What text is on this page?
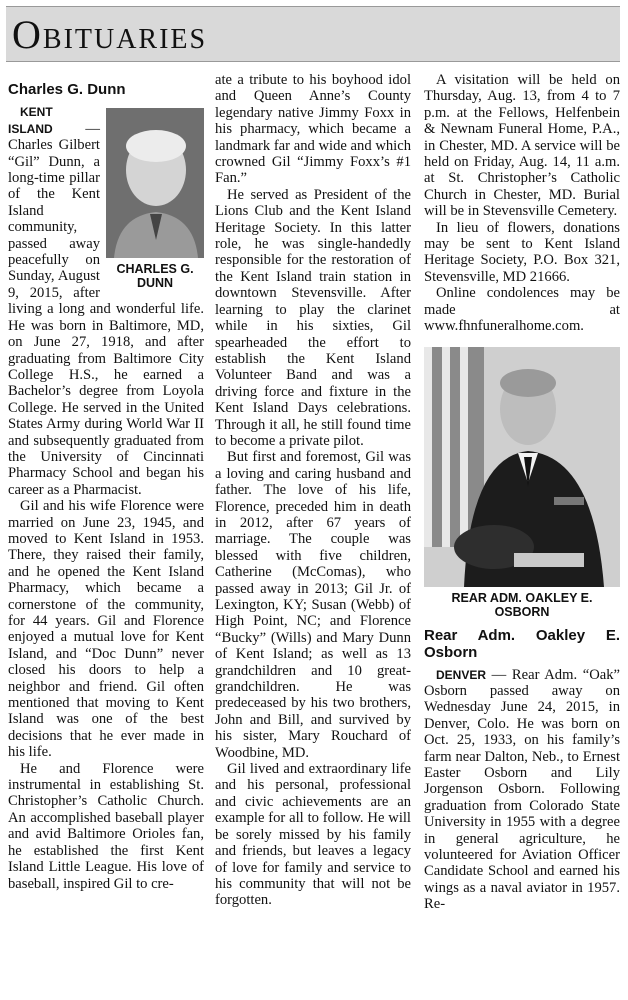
Obituaries
Charles G. Dunn
CHARLES G. DUNN

KENT ISLAND — Charles Gilbert “Gil” Dunn, a long-time pillar of the Kent Island community, passed away peacefully on Sunday, August 9, 2015, after living a long and wonderful life. He was born in Baltimore, MD, on June 27, 1918, and after graduating from Baltimore City College H.S., he earned a Bachelor’s degree from Loyola College. He served in the United States Army during World War II and subsequently graduated from the University of Cincinnati Pharmacy School and began his career as a Pharmacist.

Gil and his wife Florence were married on June 23, 1945, and moved to Kent Island in 1953. There, they raised their family, and he opened the Kent Island Pharmacy, which became a cornerstone of the community, for 44 years. Gil and Florence enjoyed a mutual love for Kent Island, and “Doc Dunn” never closed his doors to help a neighbor and friend. Gil often mentioned that moving to Kent Island was one of the best decisions that he ever made in his life.

He and Florence were instrumental in establishing St. Christopher’s Catholic Church. An accomplished baseball player and avid Baltimore Orioles fan, he established the first Kent Island Little League. His love of baseball, inspired Gil to cre-

ate a tribute to his boyhood idol and Queen Anne’s County legendary native Jimmy Foxx in his pharmacy, which became a landmark far and wide and which crowned Gil “Jimmy Foxx’s #1 Fan.”

He served as President of the Lions Club and the Kent Island Heritage Society. In this latter role, he was single-handedly responsible for the restoration of the Kent Island train station in downtown Stevensville. After learning to play the clarinet while in his sixties, Gil spearheaded the effort to establish the Kent Island Volunteer Band and was a driving force and fixture in the Kent Island Days celebrations. Through it all, he still found time to become a private pilot.

But first and foremost, Gil was a loving and caring husband and father. The love of his life, Florence, preceded him in death in 2012, after 67 years of marriage. The couple was blessed with five children, Catherine (McComas), who passed away in 2013; Gil Jr. of Lexington, KY; Susan (Webb) of High Point, NC; and Florence “Bucky” (Wills) and Mary Dunn of Kent Island; as well as 13 grandchildren and 10 great-grandchildren. He was predeceased by his two brothers, John and Bill, and survived by his sister, Mary Rouchard of Woodbine, MD.

Gil lived and extraordinary life and his personal, professional and civic achievements are an example for all to follow. He will be sorely missed by his family and friends, but leaves a legacy of love for family and service to his community that will not be forgotten.

A visitation will be held on Thursday, Aug. 13, from 4 to 7 p.m. at the Fellows, Helfenbein & Newnam Funeral Home, P.A., in Chester, MD. A service will be held on Friday, Aug. 14, 11 a.m. at St. Christopher’s Catholic Church in Chester, MD. Burial will be in Stevensville Cemetery.

In lieu of flowers, donations may be sent to Kent Island Heritage Society, P.O. Box 321, Stevensville, MD 21666.

Online condolences may be made at www.fhnfuneralhome.com.

REAR ADM. OAKLEY E. OSBORN
Rear Adm. Oakley E. Osborn

DENVER — Rear Adm. “Oak” Osborn passed away on Wednesday June 24, 2015, in Denver, Colo. He was born on Oct. 25, 1933, on his family’s farm near Dalton, Neb., to Ernest Easter Osborn and Lily Jorgenson Osborn. Following graduation from Colorado State University in 1955 with a degree in general agriculture, he volunteered for Aviation Officer Candidate School and earned his wings as a naval aviator in 1957. Re-
